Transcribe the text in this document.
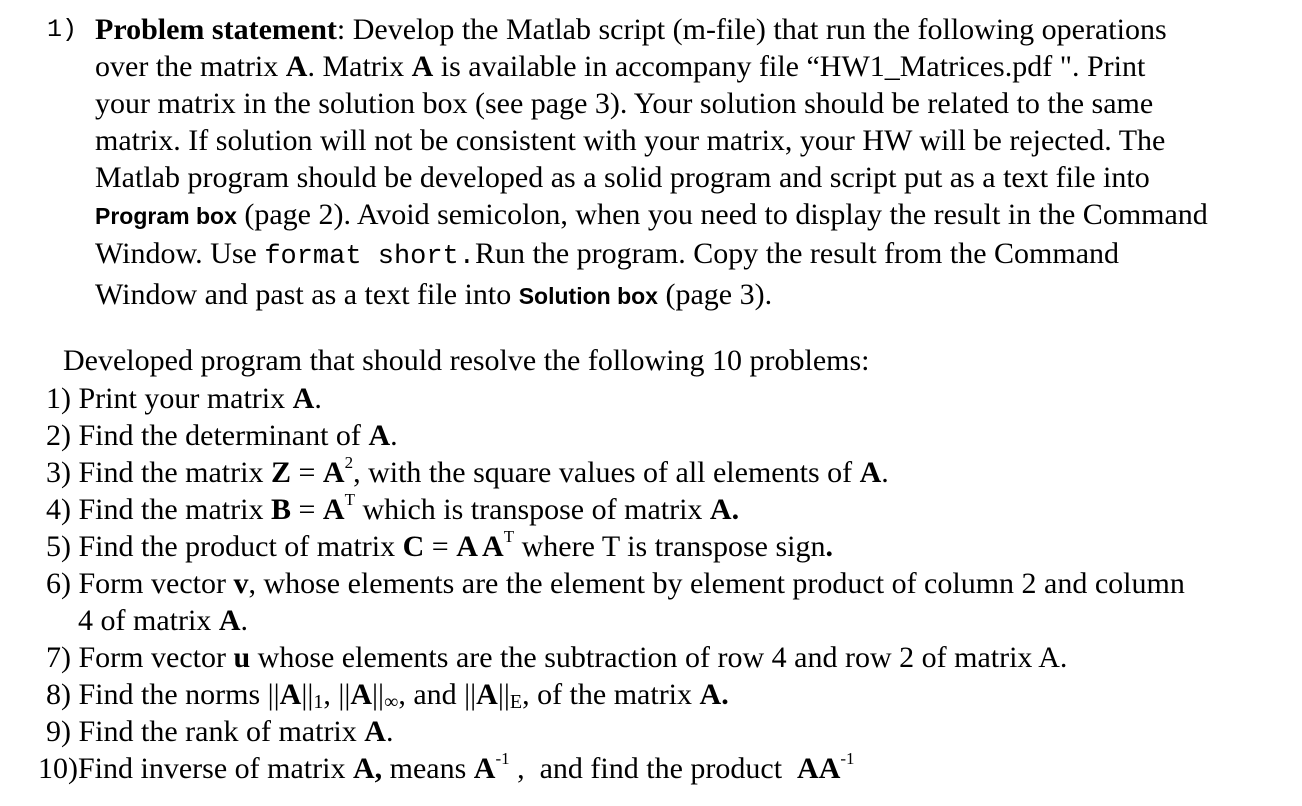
1) Problem statement: Develop the Matlab script (m-file) that run the following operations
over the matrix A. Matrix A is available in accompany file “HW1_Matrices.pdf ". Print
your matrix in the solution box (see page 3). Your solution should be related to the same
matrix. If solution will not be consistent with your matrix, your HW will be rejected. The
Matlab program should be developed as a solid program and script put as a text file into
Program box (page 2). Avoid semicolon, when you need to display the result in the Command
Window. Use format short.Run the program. Copy the result from the Command
Window and past as a text file into Solution box (page 3).
Developed program that should resolve the following 10 problems:
1) Print your matrix A.
2) Find the determinant of A.
3) Find the matrix $Z = A^2$, with the square values of all elements of A.
4) Find the matrix $B = A^T$ which is transpose of matrix A.
5) Find the product of matrix C = A $A^T$ where T is transpose sign.
6) Form vector v, whose elements are the element by element product of column 2 and column
4 of matrix A.
7) Form vector u whose elements are the subtraction of row 4 and row 2 of matrix A.
8) Find the norms $||A||_1$, $||A||_\infty$, and $||A||_E$, of the matrix A.
9) Find the rank of matrix A.
10)Find inverse of matrix A, means $A^{-1}$ ,  and find the product  $AA^{-1}$
